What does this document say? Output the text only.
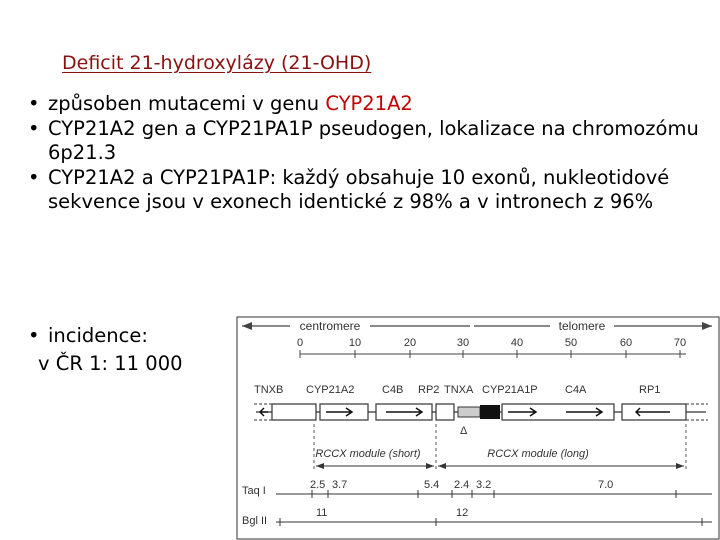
Deficit 21-hydroxylázy (21-OHD)
• způsoben mutacemi v genu CYP21A2
• CYP21A2 gen a CYP21PA1P pseudogen, lokalizace na chromozómu 6p21.3
• CYP21A2 a CYP21PA1P: každý obsahuje 10 exonů, nukleotidové sekvence jsou v exonech identické z 98% a v intronech z 96%
• incidence:
v ČR 1: 11 000
centromere	telomere
0	10	20	30	40	50	60	70
TNXB CYP21A2	C4B RP2 TNXA CYP21A1P C4A	RP1
Δ
RCCX module (short)	RCCX module (long)
Taq I	2.5 3.7	5.4 2.4 3.2	7.0
Bgl II
11	12
